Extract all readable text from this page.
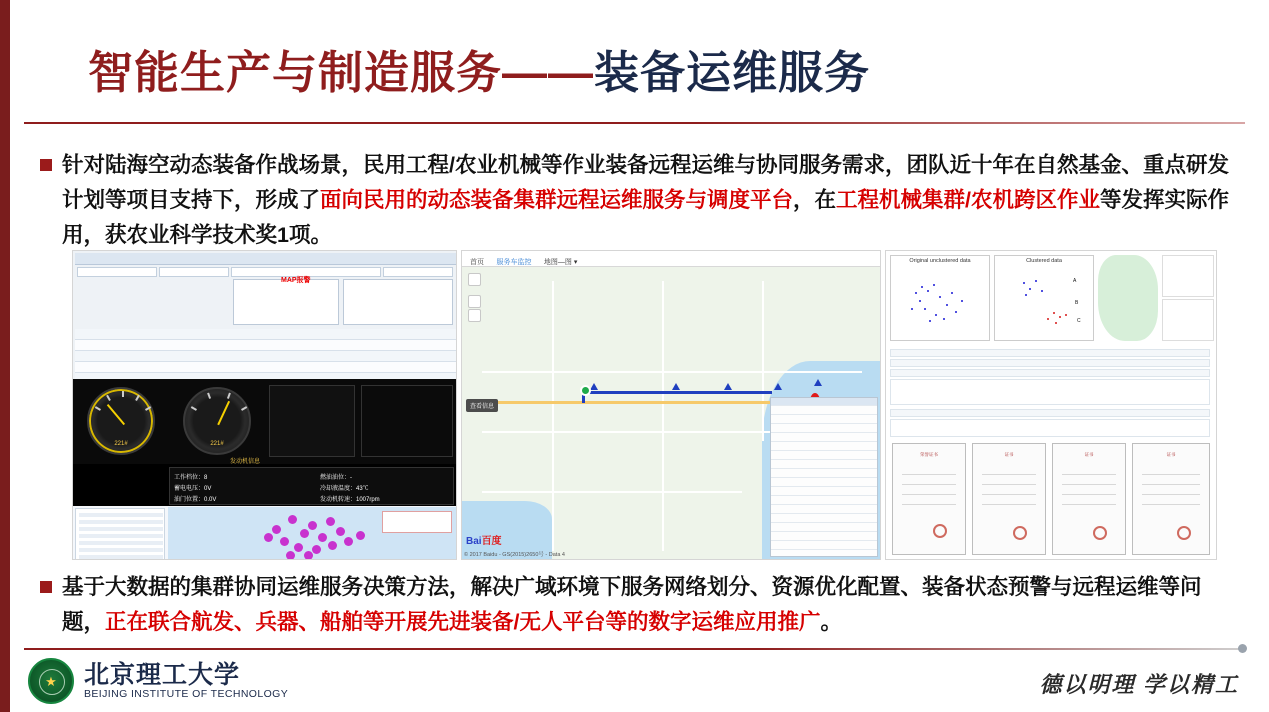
智能生产与制造服务——装备运维服务
针对陆海空动态装备作战场景，民用工程/农业机械等作业装备远程运维与协同服务需求，团队近十年在自然基金、重点研发计划等项目支持下，形成了面向民用的动态装备集群远程运维服务与调度平台，在工程机械集群/农机跨区作业等发挥实际作用，获农业科学技术奖1项。
MAP报警
221#	221#
发动机信息
工作档位：8	燃油油位：-
蓄电电压：0V	冷却液温度：43℃
油门位置：0.0V	发动机转速：1007rpm
首页 服务车监控 地图—图 ▾
查看信息
Bai百度
© 2017 Baidu - GS(2015)2650号 - Data 4
Original unclustered data	Clustered data
A
B
C
荣誉证书	证书	证书	证书
基于大数据的集群协同运维服务决策方法，解决广域环境下服务网络划分、资源优化配置、装备状态预警与远程运维等问题，正在联合航发、兵器、船舶等开展先进装备/无人平台等的数字运维应用推广。
★ 北京理工大学
BEIJING INSTITUTE OF TECHNOLOGY	德以明理 学以精工
